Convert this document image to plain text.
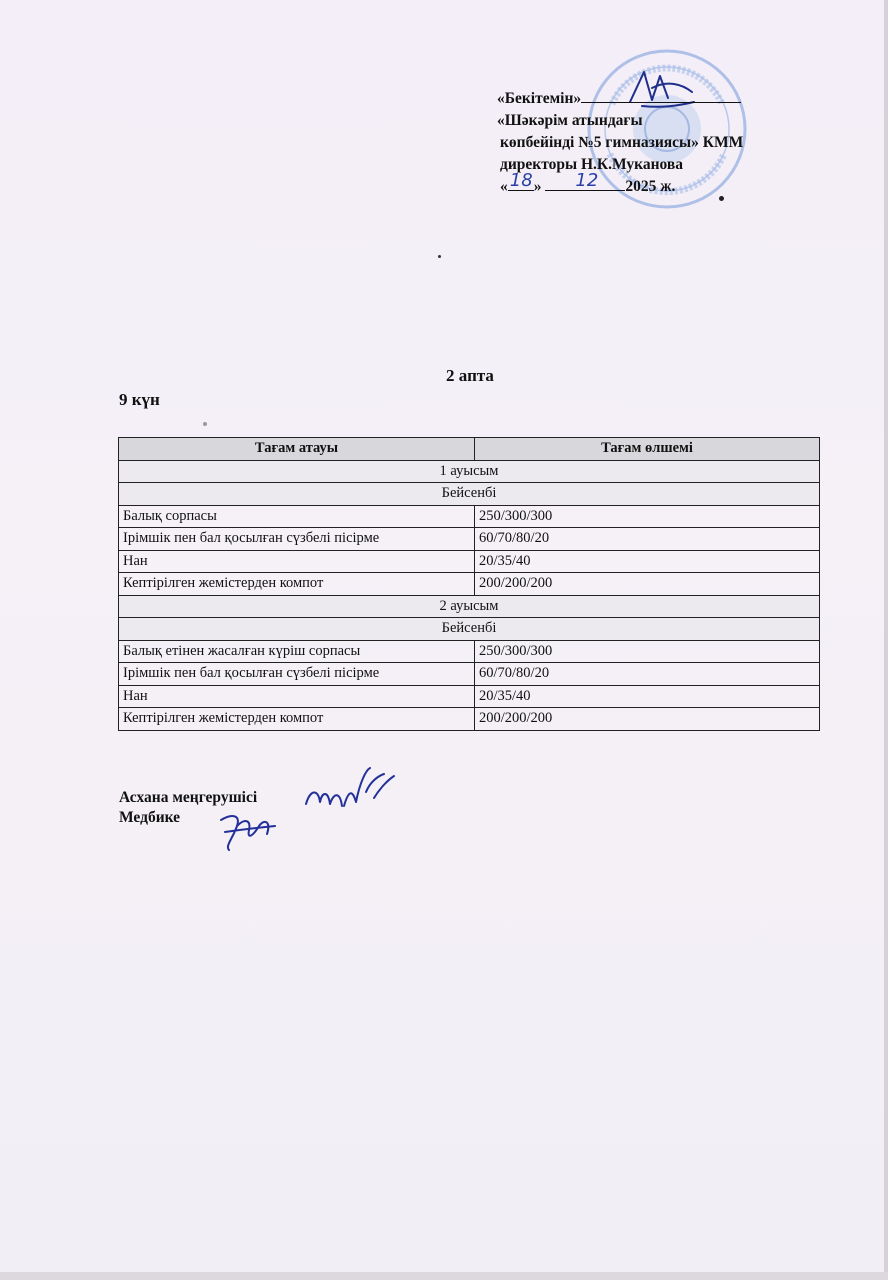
«Бекітемін»
«Шәкәрім атындағы
көпбейінді №5 гимназиясы» КММ
директоры Н.К.Муканова
« 18 » 12 2025 ж.
2 апта
9 күн
Тағам атауы	Тағам өлшемі
1 ауысым	
Бейсенбі	
Балық сорпасы	250/300/300
Ірімшік пен бал қосылған сүзбелі пісірме	60/70/80/20
Нан	20/35/40
Кептірілген жемістерден компот	200/200/200
2 ауысым	
Бейсенбі	
Балық етінен жасалған күріш сорпасы	250/300/300
Ірімшік пен бал қосылған сүзбелі пісірме	60/70/80/20
Нан	20/35/40
Кептірілген жемістерден компот	200/200/200
Асхана меңгерушісі
Медбике
